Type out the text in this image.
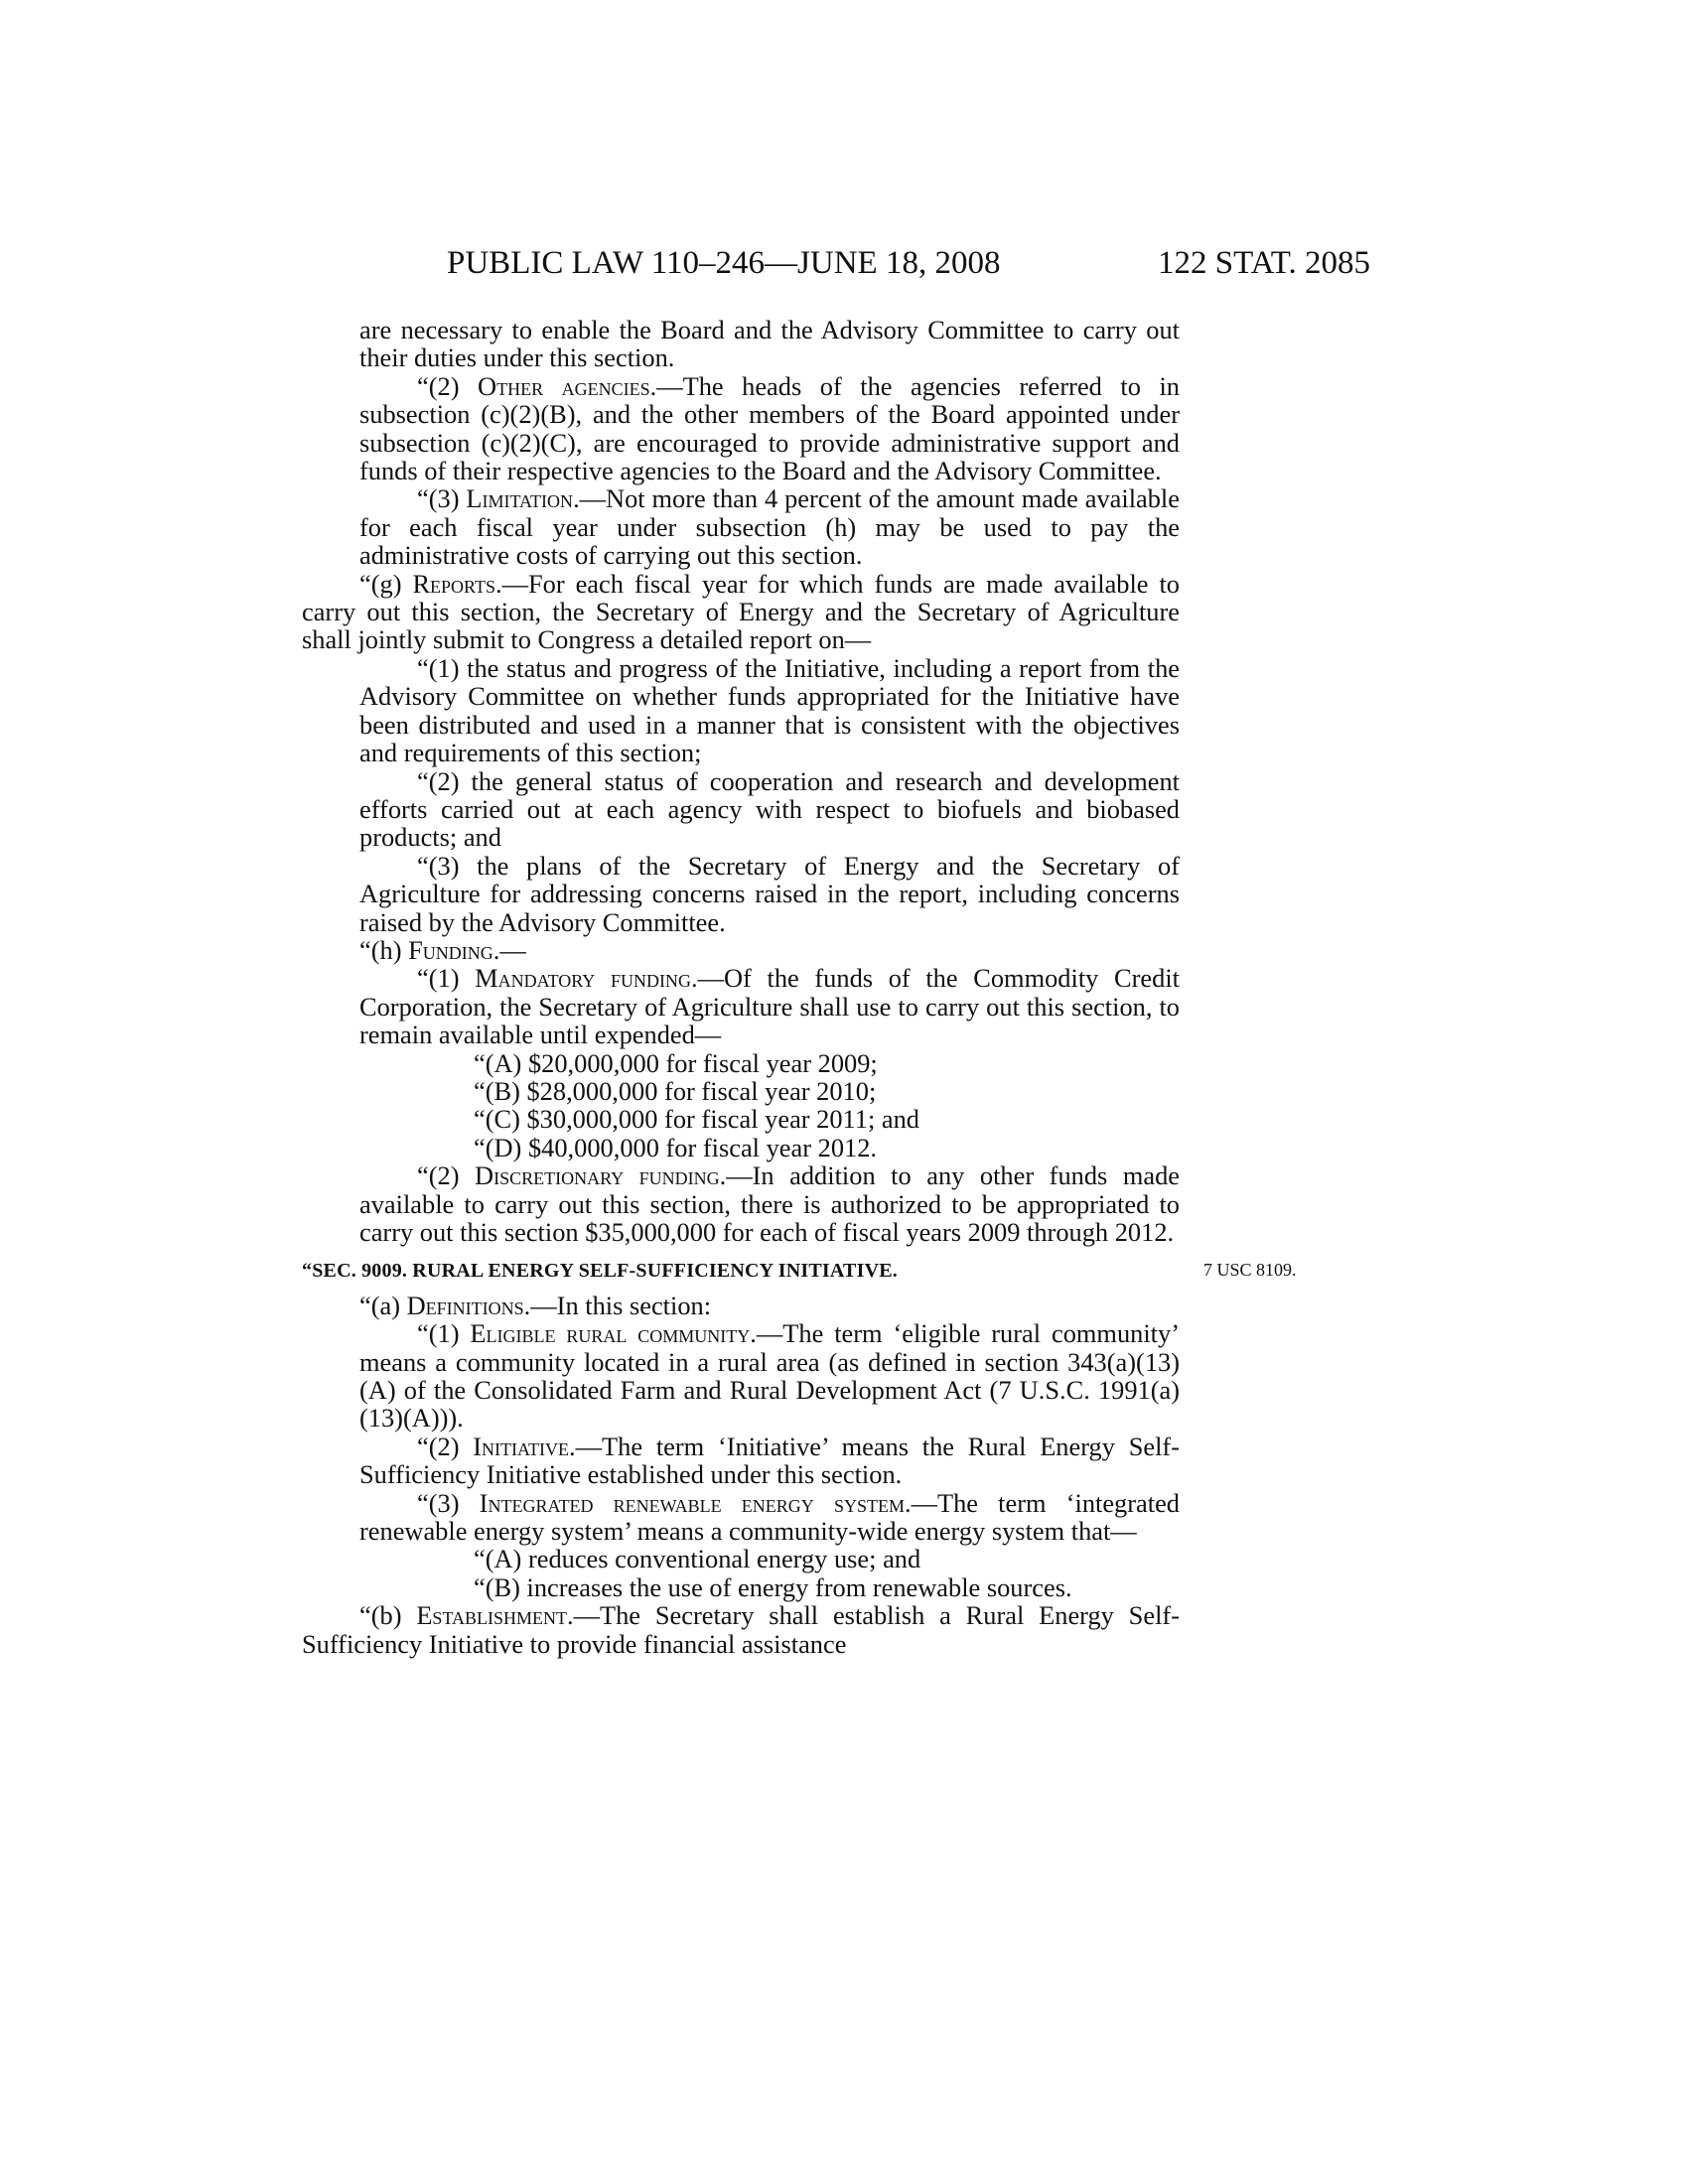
PUBLIC LAW 110–246—JUNE 18, 2008	122 STAT. 2085

are necessary to enable the Board and the Advisory Committee to carry out their duties under this section.

“(2) Other agencies.—The heads of the agencies referred to in subsection (c)(2)(B), and the other members of the Board appointed under subsection (c)(2)(C), are encouraged to provide administrative support and funds of their respective agencies to the Board and the Advisory Committee.

“(3) Limitation.—Not more than 4 percent of the amount made available for each fiscal year under subsection (h) may be used to pay the administrative costs of carrying out this section.

“(g) Reports.—For each fiscal year for which funds are made available to carry out this section, the Secretary of Energy and the Secretary of Agriculture shall jointly submit to Congress a detailed report on—

“(1) the status and progress of the Initiative, including a report from the Advisory Committee on whether funds appropriated for the Initiative have been distributed and used in a manner that is consistent with the objectives and requirements of this section;

“(2) the general status of cooperation and research and development efforts carried out at each agency with respect to biofuels and biobased products; and

“(3) the plans of the Secretary of Energy and the Secretary of Agriculture for addressing concerns raised in the report, including concerns raised by the Advisory Committee.

“(h) Funding.—

“(1) Mandatory funding.—Of the funds of the Commodity Credit Corporation, the Secretary of Agriculture shall use to carry out this section, to remain available until expended—

“(A) $20,000,000 for fiscal year 2009;

“(B) $28,000,000 for fiscal year 2010;

“(C) $30,000,000 for fiscal year 2011; and

“(D) $40,000,000 for fiscal year 2012.

“(2) Discretionary funding.—In addition to any other funds made available to carry out this section, there is authorized to be appropriated to carry out this section $35,000,000 for each of fiscal years 2009 through 2012.

“SEC. 9009. RURAL ENERGY SELF-SUFFICIENCY INITIATIVE.	7 USC 8109.

“(a) Definitions.—In this section:

“(1) Eligible rural community.—The term ‘eligible rural community’ means a community located in a rural area (as defined in section 343(a)(13)(A) of the Consolidated Farm and Rural Development Act (7 U.S.C. 1991(a)(13)(A))).

“(2) Initiative.—The term ‘Initiative’ means the Rural Energy Self-Sufficiency Initiative established under this section.

“(3) Integrated renewable energy system.—The term ‘integrated renewable energy system’ means a community-wide energy system that—

“(A) reduces conventional energy use; and

“(B) increases the use of energy from renewable sources.

“(b) Establishment.—The Secretary shall establish a Rural Energy Self-Sufficiency Initiative to provide financial assistance
